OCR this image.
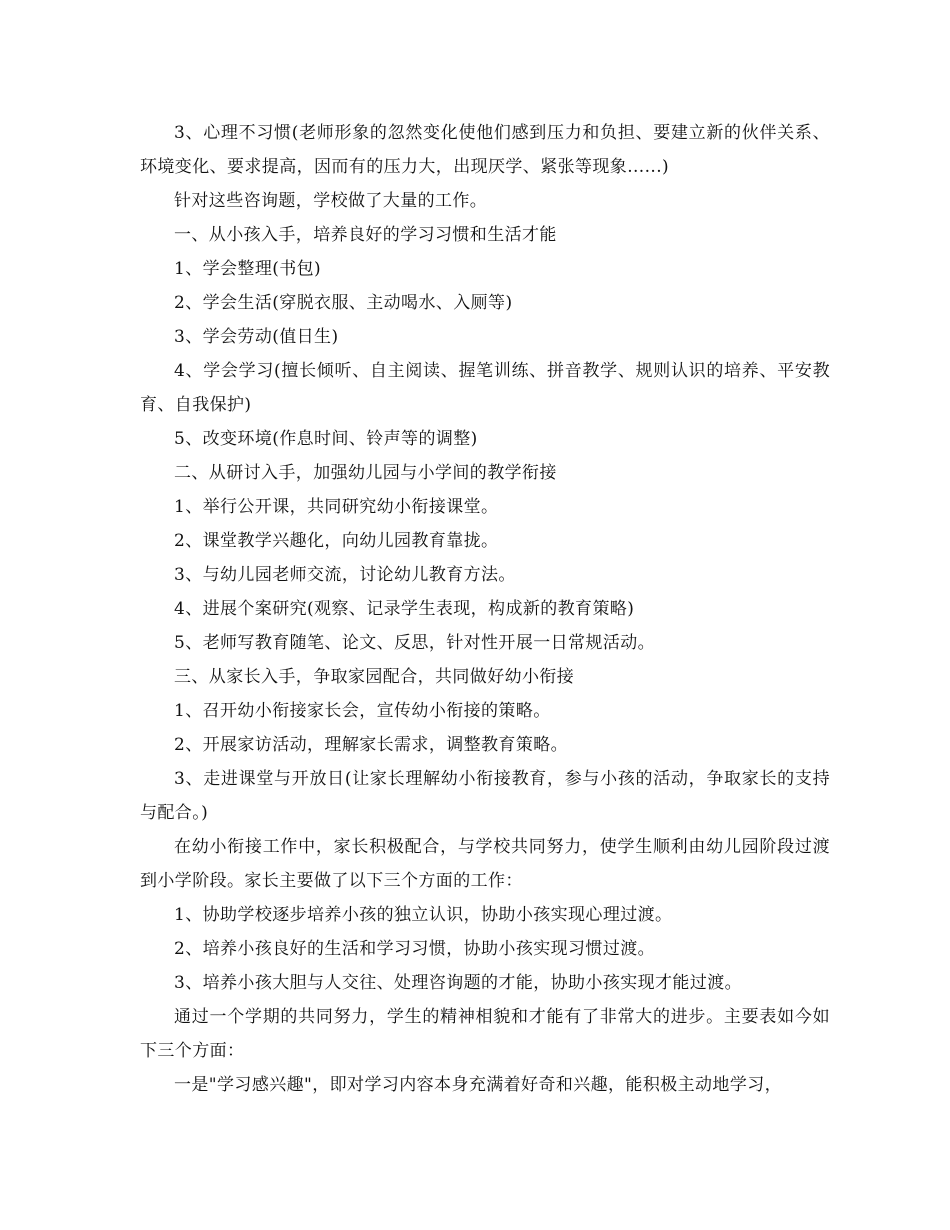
3、心理不习惯(老师形象的忽然变化使他们感到压力和负担、要建立新的伙伴关系、环境变化、要求提高，因而有的压力大，出现厌学、紧张等现象......)

针对这些咨询题，学校做了大量的工作。

一、从小孩入手，培养良好的学习习惯和生活才能

1、学会整理(书包)

2、学会生活(穿脱衣服、主动喝水、入厕等)

3、学会劳动(值日生)

4、学会学习(擅长倾听、自主阅读、握笔训练、拼音教学、规则认识的培养、平安教育、自我保护)

5、改变环境(作息时间、铃声等的调整)

二、从研讨入手，加强幼儿园与小学间的教学衔接

1、举行公开课，共同研究幼小衔接课堂。

2、课堂教学兴趣化，向幼儿园教育靠拢。

3、与幼儿园老师交流，讨论幼儿教育方法。

4、进展个案研究(观察、记录学生表现，构成新的教育策略)

5、老师写教育随笔、论文、反思，针对性开展一日常规活动。

三、从家长入手，争取家园配合，共同做好幼小衔接

1、召开幼小衔接家长会，宣传幼小衔接的策略。

2、开展家访活动，理解家长需求，调整教育策略。

3、走进课堂与开放日(让家长理解幼小衔接教育，参与小孩的活动，争取家长的支持与配合。)

在幼小衔接工作中，家长积极配合，与学校共同努力，使学生顺利由幼儿园阶段过渡到小学阶段。家长主要做了以下三个方面的工作：

1、协助学校逐步培养小孩的独立认识，协助小孩实现心理过渡。

2、培养小孩良好的生活和学习习惯，协助小孩实现习惯过渡。

3、培养小孩大胆与人交往、处理咨询题的才能，协助小孩实现才能过渡。

通过一个学期的共同努力，学生的精神相貌和才能有了非常大的进步。主要表如今如下三个方面：

一是"学习感兴趣"，即对学习内容本身充满着好奇和兴趣，能积极主动地学习，
